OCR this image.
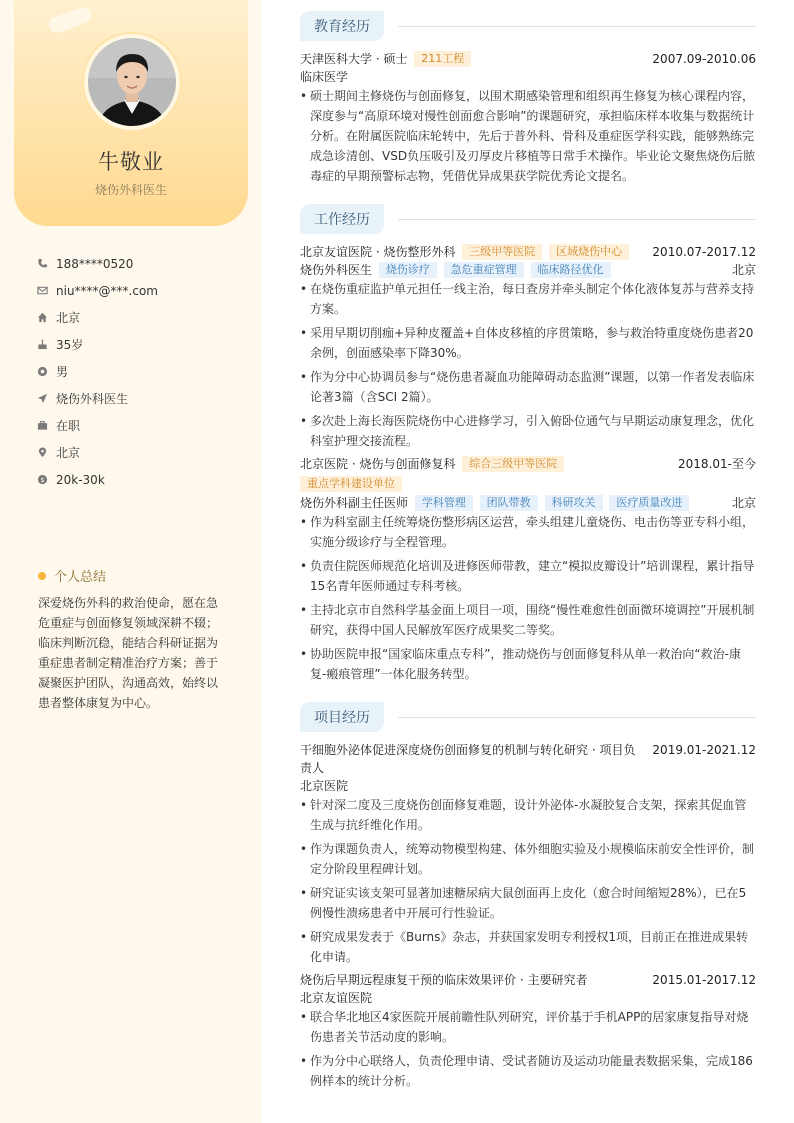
牛敬业
烧伤外科医生
188****0520
niu****@***.com
北京
35岁
男
烧伤外科医生
在职
北京
$ 20k-30k
个人总结
深爱烧伤外科的救治使命，愿在急危重症与创面修复领域深耕不辍；临床判断沉稳，能结合科研证据为重症患者制定精准治疗方案；善于凝聚医护团队，沟通高效，始终以患者整体康复为中心。
教育经历
天津医科大学 · 硕士 211工程	2007.09-2010.06
临床医学
• 硕士期间主修烧伤与创面修复，以围术期感染管理和组织再生修复为核心课程内容，深度参与“高原环境对慢性创面愈合影响”的课题研究，承担临床样本收集与数据统计分析。在附属医院临床轮转中，先后于普外科、骨科及重症医学科实践，能够熟练完成急诊清创、VSD负压吸引及刃厚皮片移植等日常手术操作。毕业论文聚焦烧伤后脓毒症的早期预警标志物，凭借优异成果获学院优秀论文提名。
工作经历
北京友谊医院 · 烧伤整形外科 三级甲等医院 区域烧伤中心	2010.07-2017.12
烧伤外科医生 烧伤诊疗 急危重症管理 临床路径优化	北京
• 在烧伤重症监护单元担任一线主治，每日查房并牵头制定个体化液体复苏与营养支持方案。
• 采用早期切削痂+异种皮覆盖+自体皮移植的序贯策略，参与救治特重度烧伤患者20余例，创面感染率下降30%。
• 作为分中心协调员参与“烧伤患者凝血功能障碍动态监测”课题，以第一作者发表临床论著3篇（含SCI 2篇）。
• 多次赴上海长海医院烧伤中心进修学习，引入俯卧位通气与早期运动康复理念，优化科室护理交接流程。
北京医院 · 烧伤与创面修复科 综合三级甲等医院	2018.01-至今
重点学科建设单位
烧伤外科副主任医师 学科管理 团队带教 科研攻关 医疗质量改进	北京
• 作为科室副主任统筹烧伤整形病区运营，牵头组建儿童烧伤、电击伤等亚专科小组，实施分级诊疗与全程管理。
• 负责住院医师规范化培训及进修医师带教，建立“模拟皮瓣设计”培训课程，累计指导15名青年医师通过专科考核。
• 主持北京市自然科学基金面上项目一项，围绕“慢性难愈性创面微环境调控”开展机制研究，获得中国人民解放军医疗成果奖二等奖。
• 协助医院申报“国家临床重点专科”，推动烧伤与创面修复科从单一救治向“救治-康复-瘢痕管理”一体化服务转型。
项目经历
干细胞外泌体促进深度烧伤创面修复的机制与转化研究 · 项目负责人
2019.01-2021.12
北京医院
• 针对深二度及三度烧伤创面修复难题，设计外泌体-水凝胶复合支架，探索其促血管生成与抗纤维化作用。
• 作为课题负责人，统筹动物模型构建、体外细胞实验及小规模临床前安全性评价，制定分阶段里程碑计划。
• 研究证实该支架可显著加速糖尿病大鼠创面再上皮化（愈合时间缩短28%），已在5例慢性溃疡患者中开展可行性验证。
• 研究成果发表于《Burns》杂志，并获国家发明专利授权1项，目前正在推进成果转化申请。
烧伤后早期远程康复干预的临床效果评价 · 主要研究者	2015.01-2017.12
北京友谊医院
• 联合华北地区4家医院开展前瞻性队列研究，评价基于手机APP的居家康复指导对烧伤患者关节活动度的影响。
• 作为分中心联络人，负责伦理申请、受试者随访及运动功能量表数据采集，完成186例样本的统计分析。
